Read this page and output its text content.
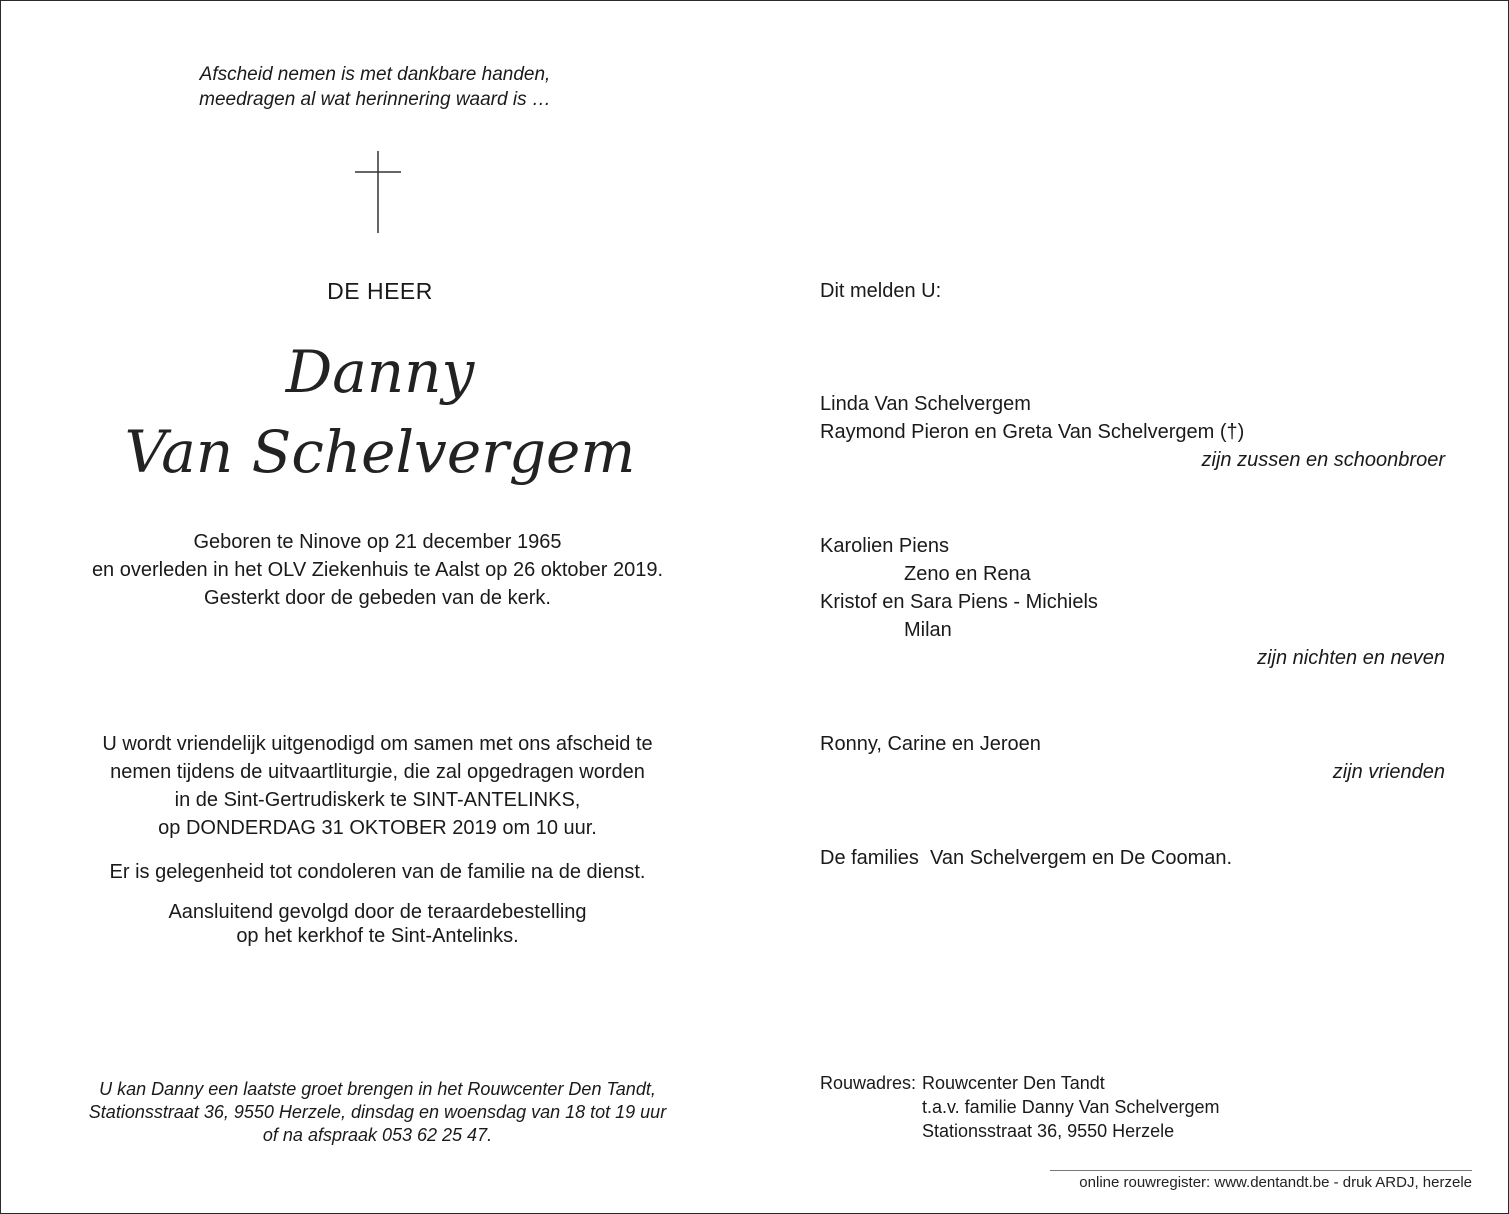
Afscheid nemen is met dankbare handen,
meedragen al wat herinnering waard is …
DE HEER
Danny
Van Schelvergem
Geboren te Ninove op 21 december 1965
en overleden in het OLV Ziekenhuis te Aalst op 26 oktober 2019.
Gesterkt door de gebeden van de kerk.
U wordt vriendelijk uitgenodigd om samen met ons afscheid te
nemen tijdens de uitvaartliturgie, die zal opgedragen worden
in de Sint-Gertrudiskerk te SINT-ANTELINKS,
op DONDERDAG 31 OKTOBER 2019 om 10 uur.
Er is gelegenheid tot condoleren van de familie na de dienst.
Aansluitend gevolgd door de teraardebestelling
op het kerkhof te Sint-Antelinks.
U kan Danny een laatste groet brengen in het Rouwcenter Den Tandt,
Stationsstraat 36, 9550 Herzele, dinsdag en woensdag van 18 tot 19 uur
of na afspraak 053 62 25 47.
Dit melden U:
Linda Van Schelvergem
Raymond Pieron en Greta Van Schelvergem (†)
zijn zussen en schoonbroer
Karolien Piens
Zeno en Rena
Kristof en Sara Piens - Michiels
Milan
zijn nichten en neven
Ronny, Carine en Jeroen
zijn vrienden
De families  Van Schelvergem en De Cooman.
Rouwadres: Rouwcenter Den Tandt
t.a.v. familie Danny Van Schelvergem
Stationsstraat 36, 9550 Herzele
online rouwregister: www.dentandt.be - druk ARDJ, herzele
